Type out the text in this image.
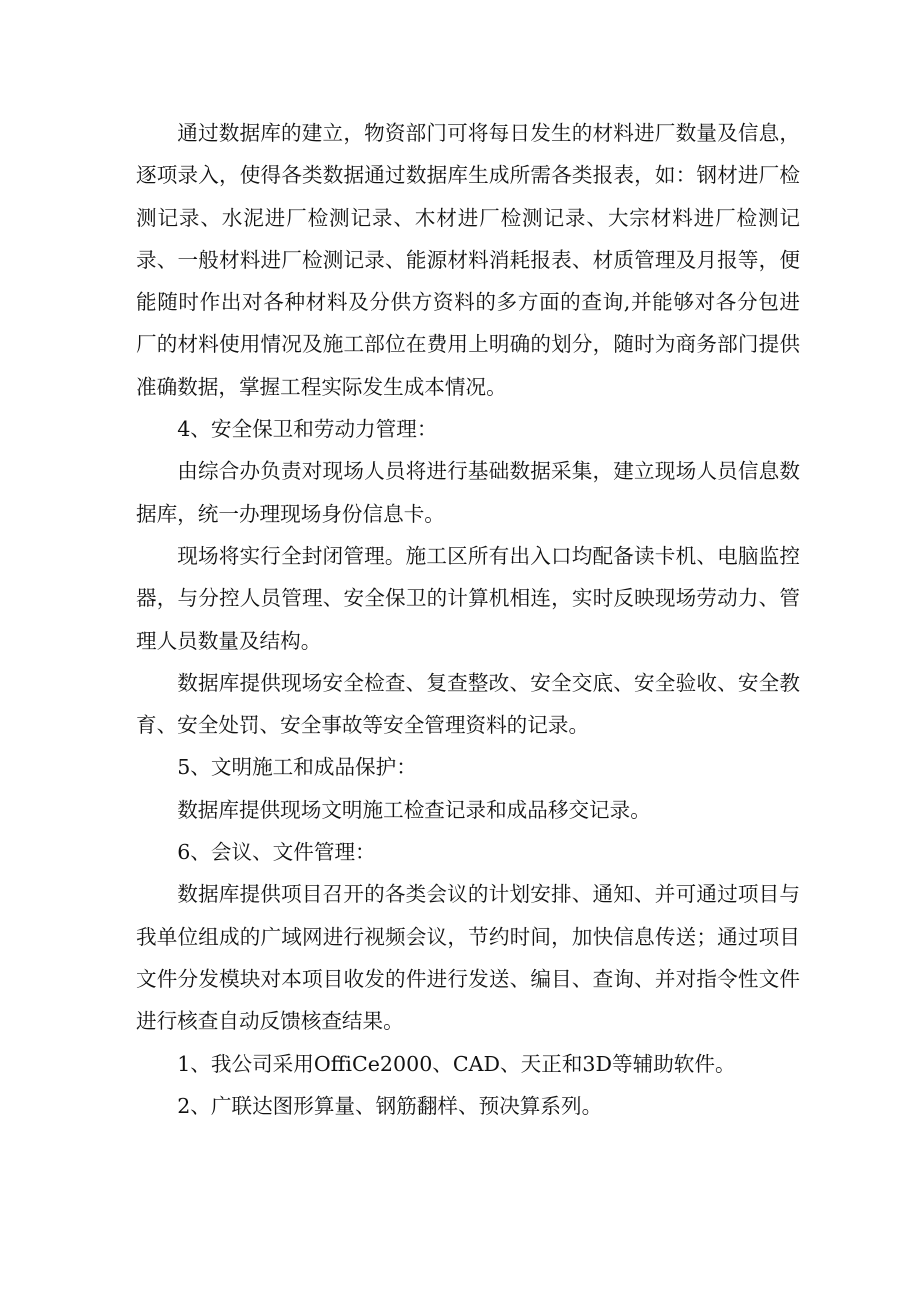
通过数据库的建立，物资部门可将每日发生的材料进厂数量及信息，逐项录入，使得各类数据通过数据库生成所需各类报表，如：钢材进厂检测记录、水泥进厂检测记录、木材进厂检测记录、大宗材料进厂检测记录、一般材料进厂检测记录、能源材料消耗报表、材质管理及月报等，便能随时作出对各种材料及分供方资料的多方面的查询,并能够对各分包进厂的材料使用情况及施工部位在费用上明确的划分，随时为商务部门提供准确数据，掌握工程实际发生成本情况。

4、安全保卫和劳动力管理：

由综合办负责对现场人员将进行基础数据采集，建立现场人员信息数据库，统一办理现场身份信息卡。

现场将实行全封闭管理。施工区所有出入口均配备读卡机、电脑监控器，与分控人员管理、安全保卫的计算机相连，实时反映现场劳动力、管理人员数量及结构。

数据库提供现场安全检查、复查整改、安全交底、安全验收、安全教育、安全处罚、安全事故等安全管理资料的记录。

5、文明施工和成品保护：

数据库提供现场文明施工检查记录和成品移交记录。

6、会议、文件管理：

数据库提供项目召开的各类会议的计划安排、通知、并可通过项目与我单位组成的广域网进行视频会议，节约时间，加快信息传送；通过项目文件分发模块对本项目收发的件进行发送、编目、查询、并对指令性文件进行核查自动反馈核查结果。

1、我公司采用OffiCe2000、CAD、天正和3D等辅助软件。

2、广联达图形算量、钢筋翻样、预决算系列。
